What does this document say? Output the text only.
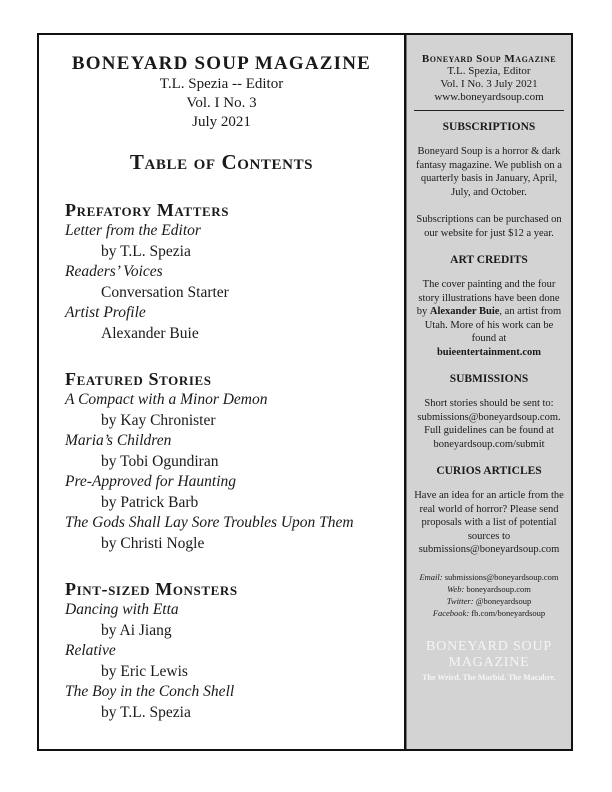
BONEYARD SOUP MAGAZINE
T.L. Spezia -- Editor
Vol. I No. 3
July 2021
Table of Contents
Prefatory Matters
Letter from the Editor
by T.L. Spezia
Readers’ Voices
Conversation Starter
Artist Profile
Alexander Buie
Featured Stories
A Compact with a Minor Demon
by Kay Chronister
Maria’s Children
by Tobi Ogundiran
Pre-Approved for Haunting
by Patrick Barb
The Gods Shall Lay Sore Troubles Upon Them
by Christi Nogle
Pint-sized Monsters
Dancing with Etta
by Ai Jiang
Relative
by Eric Lewis
The Boy in the Conch Shell
by T.L. Spezia
Boneyard Soup Magazine
T.L. Spezia, Editor
Vol. I No. 3 July 2021
www.boneyardsoup.com
SUBSCRIPTIONS

Boneyard Soup is a horror & dark fantasy magazine. We publish on a quarterly basis in January, April, July, and October.

Subscriptions can be purchased on our website for just $12 a year.

ART CREDITS

The cover painting and the four story illustrations have been done by Alexander Buie, an artist from Utah. More of his work can be found at
buieentertainment.com

SUBMISSIONS

Short stories should be sent to: submissions@boneyardsoup.com. Full guidelines can be found at boneyardsoup.com/submit

CURIOS ARTICLES

Have an idea for an article from the real world of horror? Please send proposals with a list of potential sources to submissions@boneyardsoup.com

Email: submissions@boneyardsoup.com
Web: boneyardsoup.com
Twitter: @boneyardsoup
Facebook: fb.com/boneyardsoup
BONEYARD SOUP
MAGAZINE
The Weird. The Morbid. The Macabre.
